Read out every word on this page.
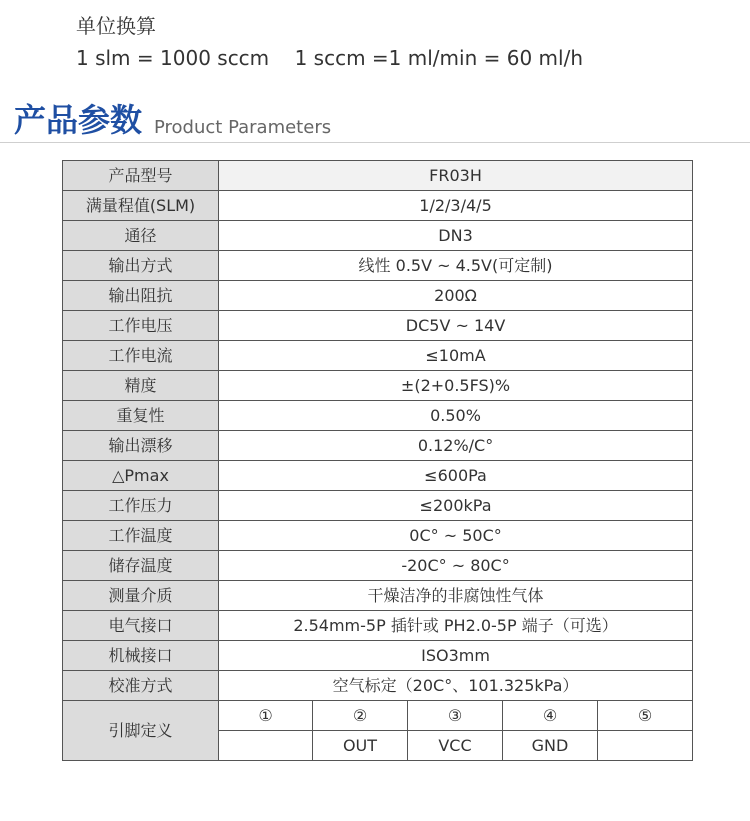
单位换算
1 slm = 1000 sccm    1 sccm =1 ml/min = 60 ml/h
产品参数 Product Parameters
产品型号	FR03H				
满量程值(SLM)	1/2/3/4/5				
通径	DN3				
输出方式	线性 0.5V ~ 4.5V(可定制)				
输出阻抗	200Ω				
工作电压	DC5V ~ 14V				
工作电流	≤10mA				
精度	±(2+0.5FS)%				
重复性	0.50%				
输出漂移	0.12%/C°				
△Pmax	≤600Pa				
工作压力	≤200kPa				
工作温度	0C° ~ 50C°				
储存温度	-20C° ~ 80C°				
测量介质	干燥洁净的非腐蚀性气体				
电气接口	2.54mm-5P 插针或 PH2.0-5P 端子（可选）				
机械接口	ISO3mm				
校准方式	空气标定（20C°、101.325kPa）				
引脚定义	①	②	③	④	⑤
		OUT	VCC	GND	
